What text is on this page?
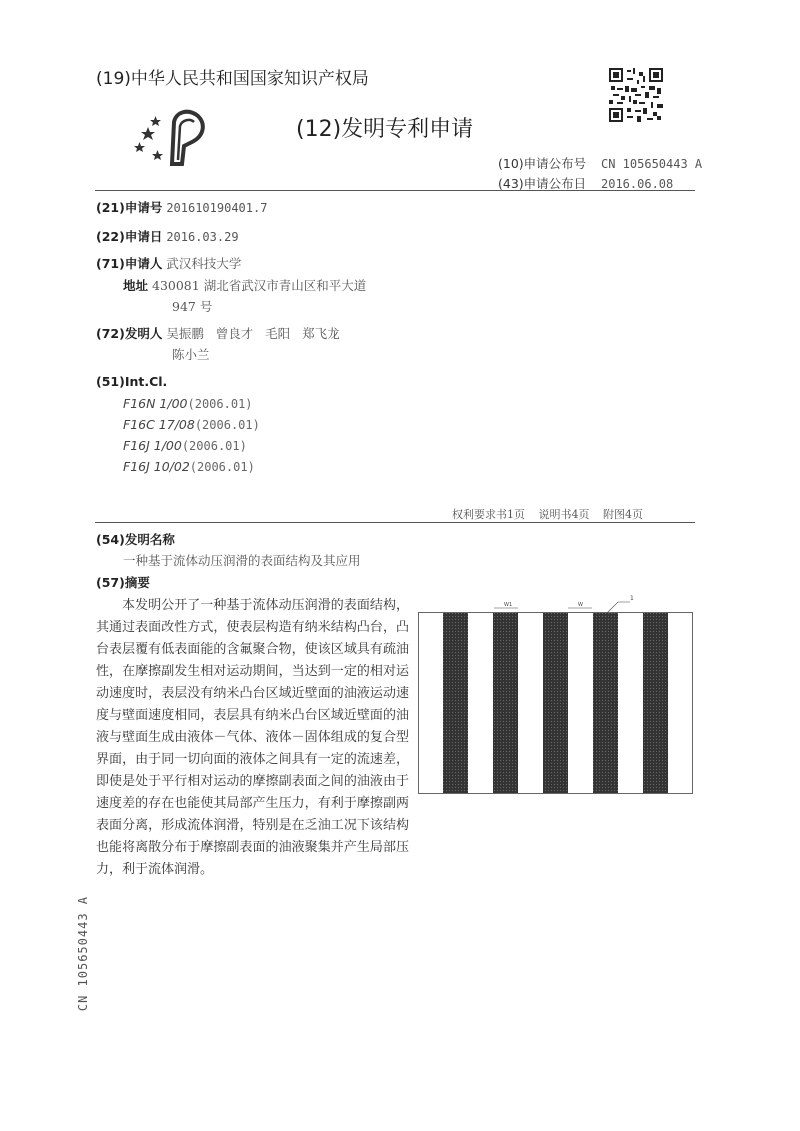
(19)中华人民共和国国家知识产权局
(12)发明专利申请
(10)申请公布号 CN 105650443 A
(43)申请公布日 2016.06.08
(21)申请号 201610190401.7
(22)申请日 2016.03.29
(71)申请人 武汉科技大学
地址 430081 湖北省武汉市青山区和平大道
947 号
(72)发明人 吴振鹏   曾良才   毛阳   郑飞龙
陈小兰
(51)Int.Cl.
F16N 1/00(2006.01)
F16C 17/08(2006.01)
F16J 1/00(2006.01)
F16J 10/02(2006.01)
权利要求书1页 说明书4页 附图4页
(54)发明名称
一种基于流体动压润滑的表面结构及其应用
(57)摘要

本发明公开了一种基于流体动压润滑的表面结构，其通过表面改性方式，使表层构造有纳米结构凸台，凸台表层覆有低表面能的含氟聚合物，使该区域具有疏油性，在摩擦副发生相对运动期间，当达到一定的相对运动速度时，表层没有纳米凸台区域近壁面的油液运动速度与壁面速度相同，表层具有纳米凸台区域近壁面的油液与壁面生成由液体－气体、液体－固体组成的复合型界面，由于同一切向面的液体之间具有一定的流速差，即使是处于平行相对运动的摩擦副表面之间的油液由于速度差的存在也能使其局部产生压力，有利于摩擦副两表面分离，形成流体润滑，特别是在乏油工况下该结构也能将离散分布于摩擦副表面的油液聚集并产生局部压力，利于流体润滑。

W1	W
1
CN 105650443 A
